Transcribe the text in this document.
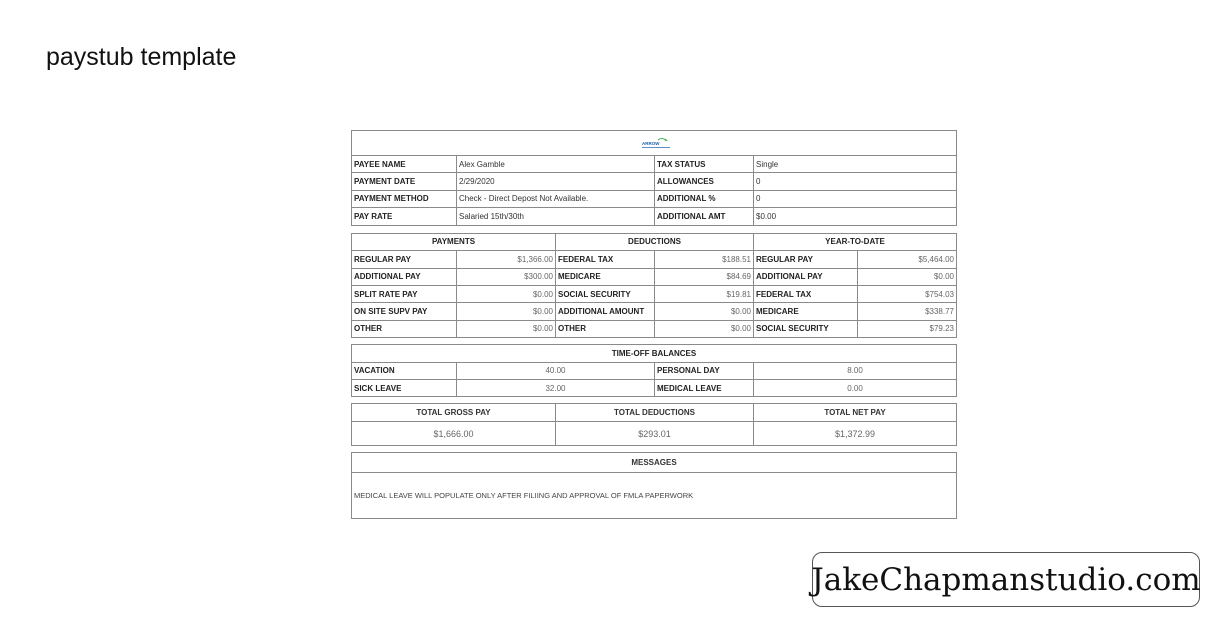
paystub template
ARROW
PAYEE NAME	Alex Gamble	TAX STATUS	Single
PAYMENT DATE	2/29/2020	ALLOWANCES	0
PAYMENT METHOD	Check - Direct Depost Not Available.	ADDITIONAL %	0
PAY RATE	Salaried 15th/30th	ADDITIONAL AMT	$0.00
PAYMENTS	DEDUCTIONS	YEAR-TO-DATE
REGULAR PAY	$1,366.00 FEDERAL TAX	$188.51 REGULAR PAY	$5,464.00
ADDITIONAL PAY	$300.00 MEDICARE	$84.69 ADDITIONAL PAY	$0.00
SPLIT RATE PAY	$0.00 SOCIAL SECURITY	$19.81 FEDERAL TAX	$754.03
ON SITE SUPV PAY	$0.00 ADDITIONAL AMOUNT	$0.00 MEDICARE	$338.77
OTHER	$0.00 OTHER	$0.00 SOCIAL SECURITY	$79.23
TIME-OFF BALANCES
VACATION	40.00	PERSONAL DAY	8.00
SICK LEAVE	32.00	MEDICAL LEAVE	0.00
TOTAL GROSS PAY	TOTAL DEDUCTIONS	TOTAL NET PAY
$1,666.00	$293.01	$1,372.99
MESSAGES
MEDICAL LEAVE WILL POPULATE ONLY AFTER FILIING AND APPROVAL OF FMLA PAPERWORK
JakeChapmanstudio.com
